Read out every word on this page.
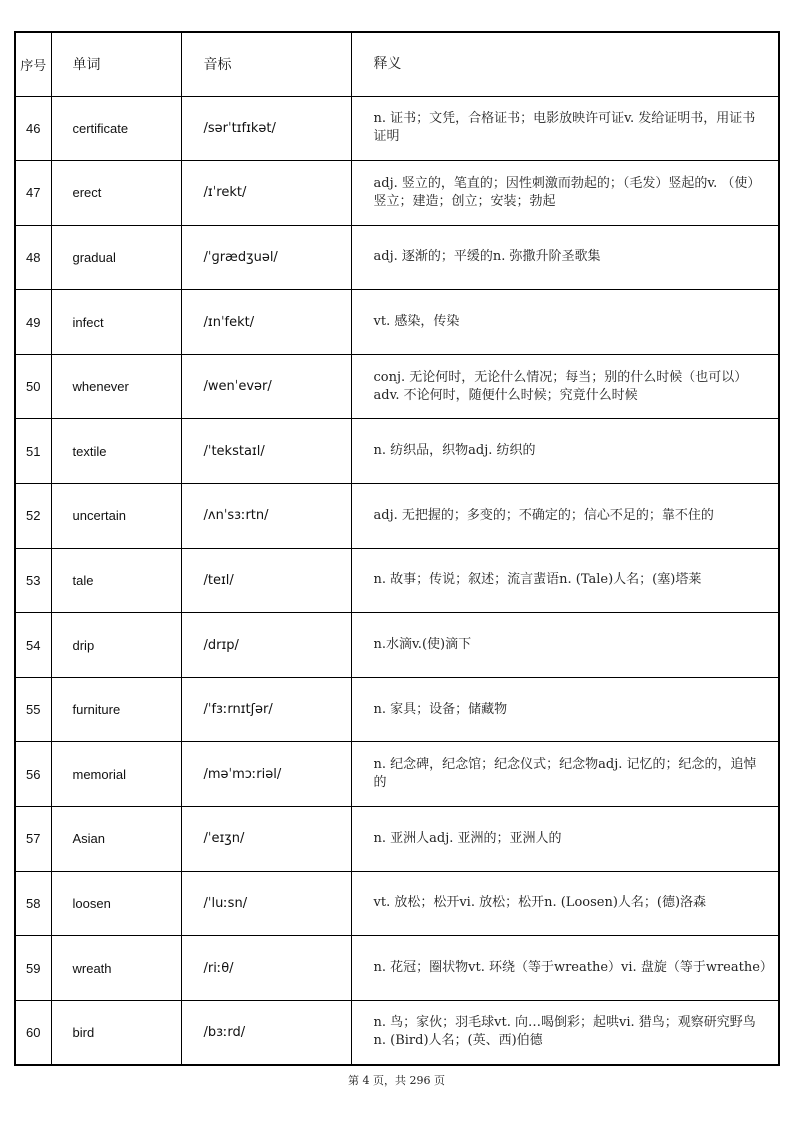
序号	单词	音标	释义
46	certificate	/sərˈtɪfɪkət/	n. 证书；文凭，合格证书；电影放映许可证v. 发给证明书，用证书证明
47	erect	/ɪˈrekt/	adj. 竖立的，笔直的；因性刺激而勃起的；（毛发）竖起的v. （使）竖立；建造；创立；安装；勃起
48	gradual	/ˈɡrædʒuəl/	adj. 逐渐的；平缓的n. 弥撒升阶圣歌集
49	infect	/ɪnˈfekt/	vt. 感染，传染
50	whenever	/wenˈevər/	conj. 无论何时，无论什么情况；每当；别的什么时候（也可以）adv. 不论何时，随便什么时候；究竟什么时候
51	textile	/ˈtekstaɪl/	n. 纺织品，织物adj. 纺织的
52	uncertain	/ʌnˈsɜːrtn/	adj. 无把握的；多变的；不确定的；信心不足的；靠不住的
53	tale	/teɪl/	n. 故事；传说；叙述；流言蜚语n. (Tale)人名；(塞)塔莱
54	drip	/drɪp/	n.水滴v.(使)滴下
55	furniture	/ˈfɜːrnɪtʃər/	n. 家具；设备；储藏物
56	memorial	/məˈmɔːriəl/	n. 纪念碑，纪念馆；纪念仪式；纪念物adj. 记忆的；纪念的，追悼的
57	Asian	/ˈeɪʒn/	n. 亚洲人adj. 亚洲的；亚洲人的
58	loosen	/ˈluːsn/	vt. 放松；松开vi. 放松；松开n. (Loosen)人名；(德)洛森
59	wreath	/riːθ/	n. 花冠；圈状物vt. 环绕（等于wreathe）vi. 盘旋（等于wreathe）
60	bird	/bɜːrd/	n. 鸟；家伙；羽毛球vt. 向…喝倒彩；起哄vi. 猎鸟；观察研究野鸟n. (Bird)人名；(英、西)伯德
第 4 页，共 296 页
